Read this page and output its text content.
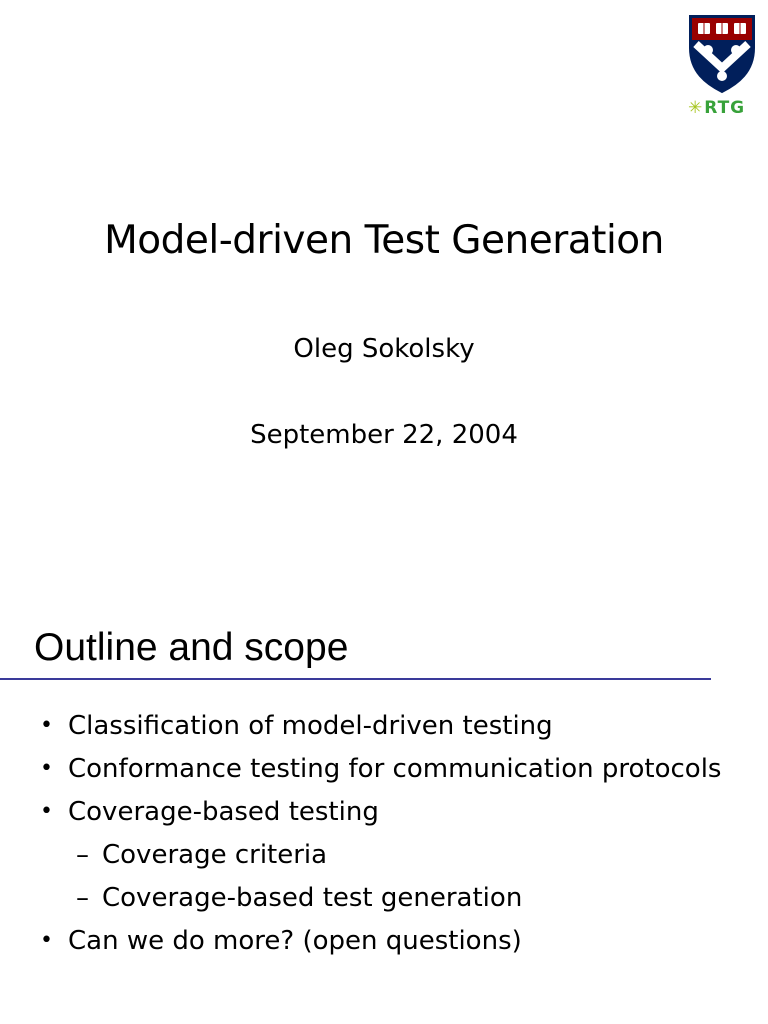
✳RTG
Model-driven Test Generation
Oleg Sokolsky
September 22, 2004
Outline and scope
• Classification of model-driven testing
• Conformance testing for communication protocols
• Coverage-based testing
– Coverage criteria
– Coverage-based test generation
• Can we do more? (open questions)
